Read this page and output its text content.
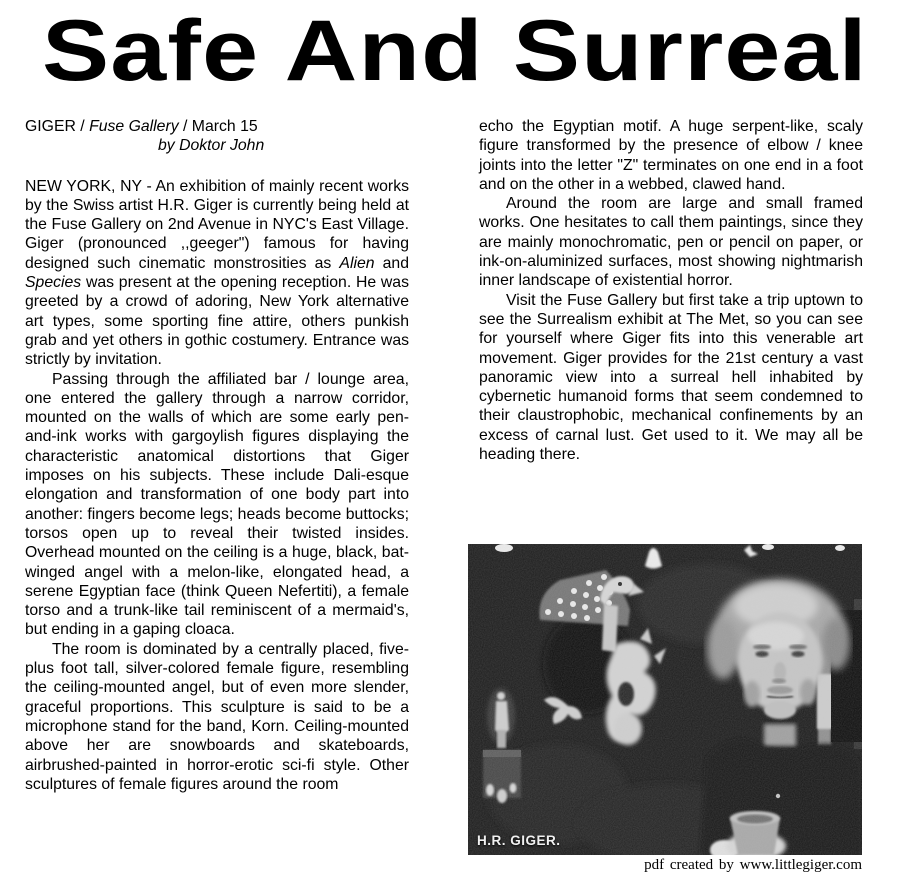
Safe And Surreal

GIGER / Fuse Gallery / March 15

by Doktor John

NEW YORK, NY - An exhibition of mainly recent works by the Swiss artist H.R. Giger is currently being held at the Fuse Gallery on 2nd Avenue in NYC's East Village. Giger (pronounced ,,geeger") famous for having designed such cinematic monstrosities as Alien and Species was present at the opening reception. He was greeted by a crowd of adoring, New York alternative art types, some sporting fine attire, others punkish grab and yet others in gothic costumery. Entrance was strictly by invitation.

Passing through the affiliated bar / lounge area, one entered the gallery through a narrow corridor, mounted on the walls of which are some early pen-and-ink works with gargoylish figures displaying the characteristic anatomical distortions that Giger imposes on his subjects. These include Dali-esque elongation and transformation of one body part into another: fingers become legs; heads become buttocks; torsos open up to reveal their twisted insides. Overhead mounted on the ceiling is a huge, black, bat-winged angel with a melon-like, elongated head, a serene Egyptian face (think Queen Nefertiti), a female torso and a trunk-like tail reminiscent of a mermaid's, but ending in a gaping cloaca.

The room is dominated by a centrally placed, five-plus foot tall, silver-colored female figure, resembling the ceiling-mounted angel, but of even more slender, graceful proportions. This sculpture is said to be a microphone stand for the band, Korn. Ceiling-mounted above her are snowboards and skateboards, airbrushed-painted in horror-erotic sci-fi style. Other sculptures of female figures around the room

echo the Egyptian motif. A huge serpent-like, scaly figure transformed by the presence of elbow / knee joints into the letter "Z" terminates on one end in a foot and on the other in a webbed, clawed hand.

Around the room are large and small framed works. One hesitates to call them paintings, since they are mainly monochromatic, pen or pencil on paper, or ink-on-aluminized surfaces, most showing nightmarish inner landscape of existential horror.

Visit the Fuse Gallery but first take a trip uptown to see the Surrealism exhibit at The Met, so you can see for yourself where Giger fits into this venerable art movement. Giger provides for the 21st century a vast panoramic view into a surreal hell inhabited by cybernetic humanoid forms that seem condemned to their claustrophobic, mechanical confinements by an excess of carnal lust. Get used to it. We may all be heading there.

H.R. GIGER.
pdf created by www.littlegiger.com
